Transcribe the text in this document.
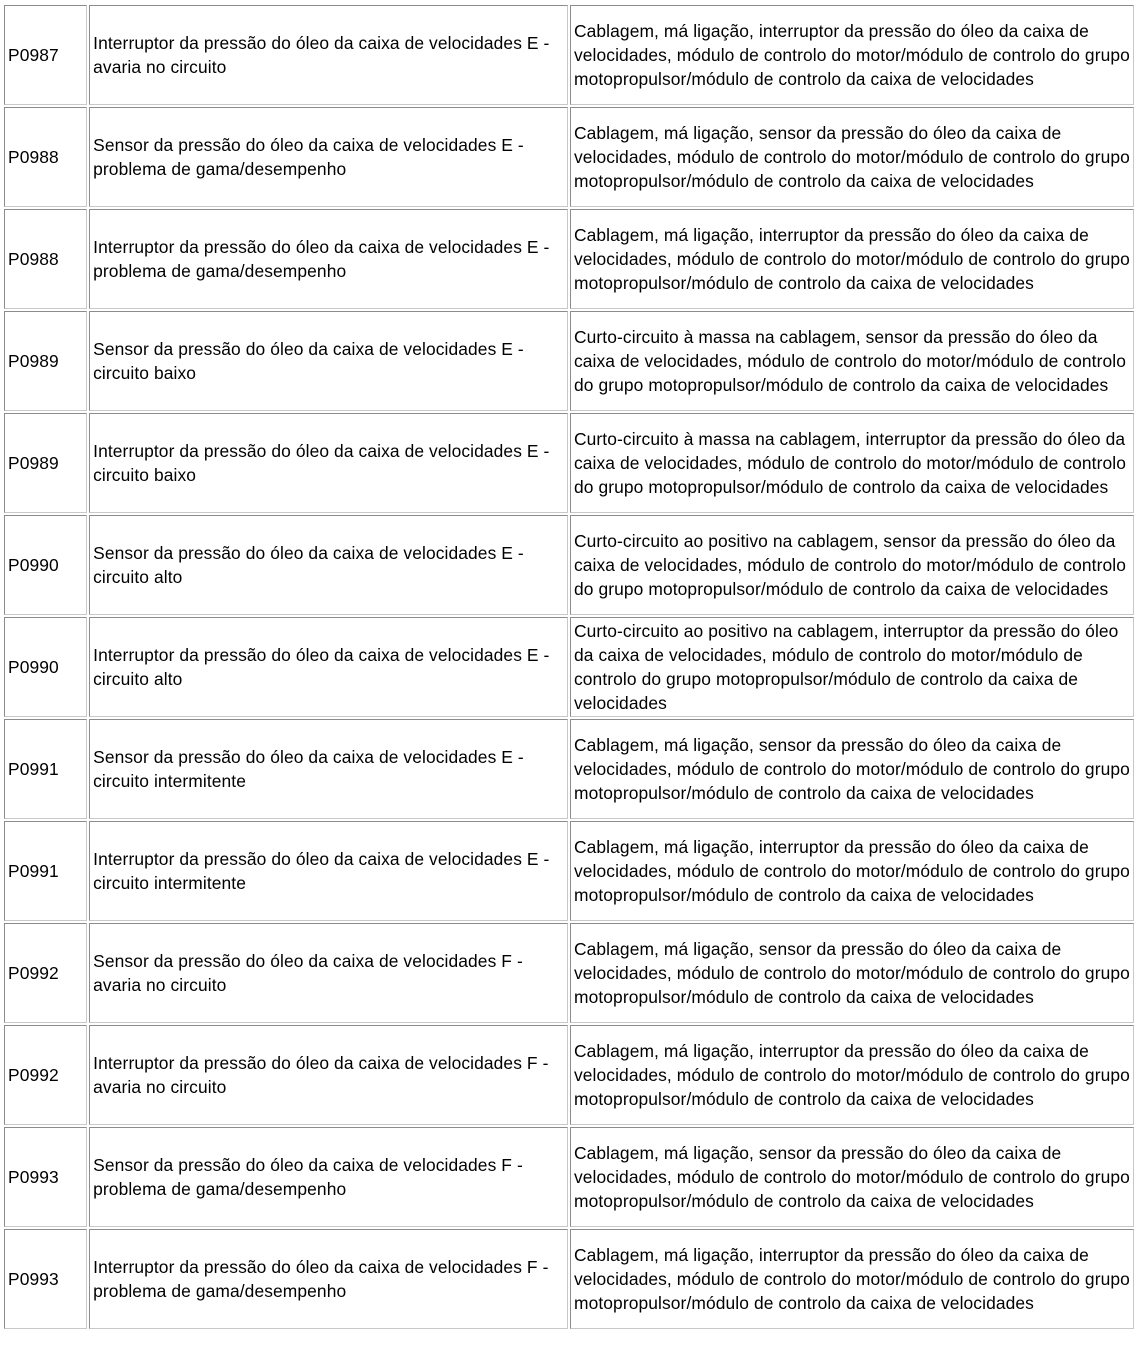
P0987	Interruptor da pressão do óleo da caixa de velocidades E - avaria no circuito	Cablagem, má ligação, interruptor da pressão do óleo da caixa de velocidades, módulo de controlo do motor/módulo de controlo do grupo motopropulsor/módulo de controlo da caixa de velocidades
P0988	Sensor da pressão do óleo da caixa de velocidades E - problema de gama/desempenho	Cablagem, má ligação, sensor da pressão do óleo da caixa de velocidades, módulo de controlo do motor/módulo de controlo do grupo motopropulsor/módulo de controlo da caixa de velocidades
P0988	Interruptor da pressão do óleo da caixa de velocidades E - problema de gama/desempenho	Cablagem, má ligação, interruptor da pressão do óleo da caixa de velocidades, módulo de controlo do motor/módulo de controlo do grupo motopropulsor/módulo de controlo da caixa de velocidades
P0989	Sensor da pressão do óleo da caixa de velocidades E - circuito baixo	Curto-circuito à massa na cablagem, sensor da pressão do óleo da caixa de velocidades, módulo de controlo do motor/módulo de controlo do grupo motopropulsor/módulo de controlo da caixa de velocidades
P0989	Interruptor da pressão do óleo da caixa de velocidades E - circuito baixo	Curto-circuito à massa na cablagem, interruptor da pressão do óleo da caixa de velocidades, módulo de controlo do motor/módulo de controlo do grupo motopropulsor/módulo de controlo da caixa de velocidades
P0990	Sensor da pressão do óleo da caixa de velocidades E - circuito alto	Curto-circuito ao positivo na cablagem, sensor da pressão do óleo da caixa de velocidades, módulo de controlo do motor/módulo de controlo do grupo motopropulsor/módulo de controlo da caixa de velocidades
P0990	Interruptor da pressão do óleo da caixa de velocidades E - circuito alto	Curto-circuito ao positivo na cablagem, interruptor da pressão do óleo da caixa de velocidades, módulo de controlo do motor/módulo de controlo do grupo motopropulsor/módulo de controlo da caixa de velocidades
P0991	Sensor da pressão do óleo da caixa de velocidades E - circuito intermitente	Cablagem, má ligação, sensor da pressão do óleo da caixa de velocidades, módulo de controlo do motor/módulo de controlo do grupo motopropulsor/módulo de controlo da caixa de velocidades
P0991	Interruptor da pressão do óleo da caixa de velocidades E - circuito intermitente	Cablagem, má ligação, interruptor da pressão do óleo da caixa de velocidades, módulo de controlo do motor/módulo de controlo do grupo motopropulsor/módulo de controlo da caixa de velocidades
P0992	Sensor da pressão do óleo da caixa de velocidades F - avaria no circuito	Cablagem, má ligação, sensor da pressão do óleo da caixa de velocidades, módulo de controlo do motor/módulo de controlo do grupo motopropulsor/módulo de controlo da caixa de velocidades
P0992	Interruptor da pressão do óleo da caixa de velocidades F - avaria no circuito	Cablagem, má ligação, interruptor da pressão do óleo da caixa de velocidades, módulo de controlo do motor/módulo de controlo do grupo motopropulsor/módulo de controlo da caixa de velocidades
P0993	Sensor da pressão do óleo da caixa de velocidades F - problema de gama/desempenho	Cablagem, má ligação, sensor da pressão do óleo da caixa de velocidades, módulo de controlo do motor/módulo de controlo do grupo motopropulsor/módulo de controlo da caixa de velocidades
P0993	Interruptor da pressão do óleo da caixa de velocidades F - problema de gama/desempenho	Cablagem, má ligação, interruptor da pressão do óleo da caixa de velocidades, módulo de controlo do motor/módulo de controlo do grupo motopropulsor/módulo de controlo da caixa de velocidades
